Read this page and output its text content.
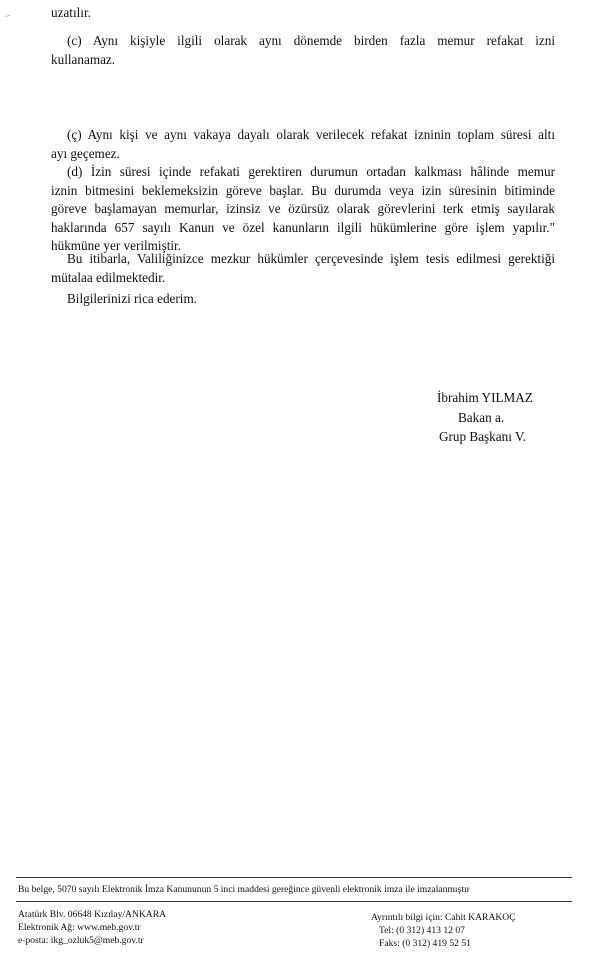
–	uzatılır.

(c) Aynı kişiyle ilgili olarak aynı dönemde birden fazla memur refakat izni
kullanamaz.

(ç) Aynı kişi ve aynı vakaya dayalı olarak verilecek refakat izninin toplam süresi altı
ayı geçemez.

(d) İzin süresi içinde refakati gerektiren durumun ortadan kalkması hâlinde memur
iznin bitmesini beklemeksizin göreve başlar. Bu durumda veya izin süresinin bitiminde
göreve başlamayan memurlar, izinsiz ve özürsüz olarak görevlerini terk etmiş sayılarak
haklarında 657 sayılı Kanun ve özel kanunların ilgili hükümlerine göre işlem yapılır."
hükmüne yer verilmiştir.

Bu itibarla, Valiliğinizce mezkur hükümler çerçevesinde işlem tesis edilmesi gerektiği
mütalaa edilmektedir.

Bilgilerinizi rica ederim.

İbrahim YILMAZ
Bakan a.
Grup Başkanı V.
Bu belge, 5070 sayılı Elektronik İmza Kanununun 5 inci maddesi gereğince güvenli elektronik imza ile imzalanmıştır
Atatürk Blv. 06648 Kızılay/ANKARA
Elektronik Ağ: www.meb.gov.tr
e-posta: ikg_ozluk5@meb.gov.tr
Ayrıntılı bilgi için: Cahit KARAKOÇ
Tel: (0 312) 413 12 07
Faks: (0 312) 419 52 51
